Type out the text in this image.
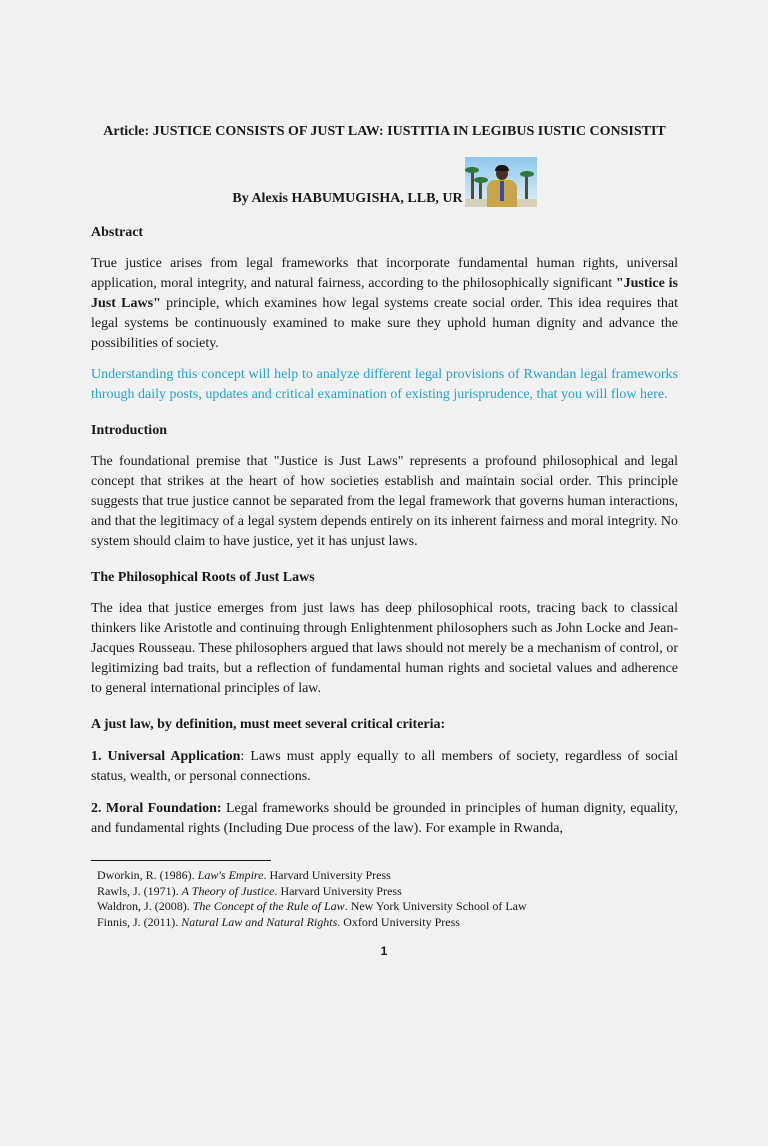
Article: JUSTICE CONSISTS OF JUST LAW: IUSTITIA IN LEGIBUS IUSTIC CONSISTIT
By Alexis HABUMUGISHA, LLB, UR
Abstract

True justice arises from legal frameworks that incorporate fundamental human rights, universal application, moral integrity, and natural fairness, according to the philosophically significant "Justice is Just Laws" principle, which examines how legal systems create social order. This idea requires that legal systems be continuously examined to make sure they uphold human dignity and advance the possibilities of society.

Understanding this concept will help to analyze different legal provisions of Rwandan legal frameworks through daily posts, updates and critical examination of existing jurisprudence, that you will flow here.

Introduction

The foundational premise that "Justice is Just Laws" represents a profound philosophical and legal concept that strikes at the heart of how societies establish and maintain social order. This principle suggests that true justice cannot be separated from the legal framework that governs human interactions, and that the legitimacy of a legal system depends entirely on its inherent fairness and moral integrity. No system should claim to have justice, yet it has unjust laws.

The Philosophical Roots of Just Laws

The idea that justice emerges from just laws has deep philosophical roots, tracing back to classical thinkers like Aristotle and continuing through Enlightenment philosophers such as John Locke and Jean-Jacques Rousseau. These philosophers argued that laws should not merely be a mechanism of control, or legitimizing bad traits, but a reflection of fundamental human rights and societal values and adherence to general international principles of law.

A just law, by definition, must meet several critical criteria:

1. Universal Application: Laws must apply equally to all members of society, regardless of social status, wealth, or personal connections.

2. Moral Foundation: Legal frameworks should be grounded in principles of human dignity, equality, and fundamental rights (Including Due process of the law). For example in Rwanda,

Dworkin, R. (1986). Law's Empire. Harvard University Press
Rawls, J. (1971). A Theory of Justice. Harvard University Press
Waldron, J. (2008). The Concept of the Rule of Law. New York University School of Law
Finnis, J. (2011). Natural Law and Natural Rights. Oxford University Press
1
